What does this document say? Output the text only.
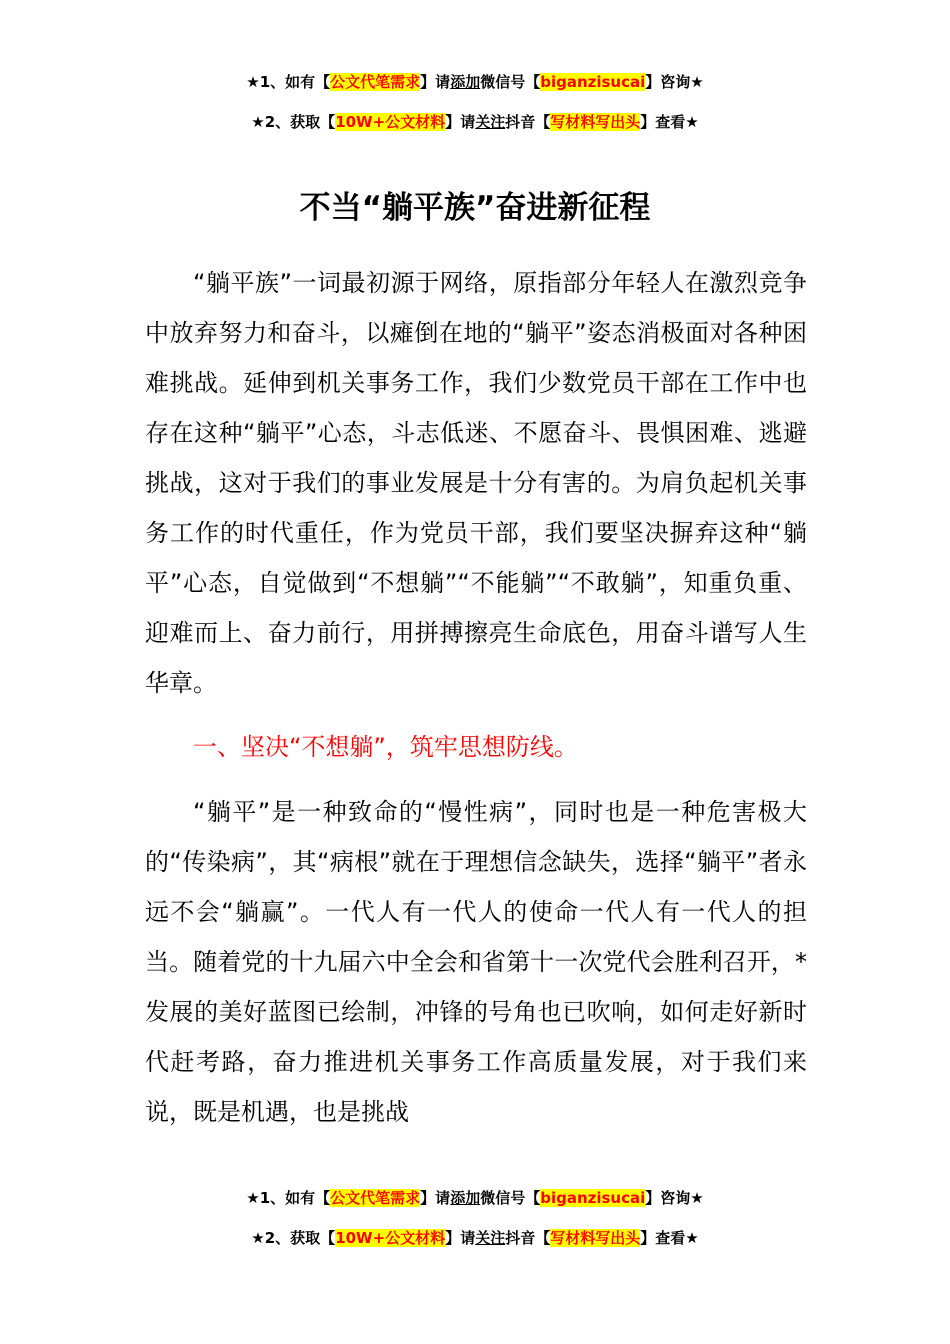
★1、如有【公文代笔需求】请添加微信号【biganzisucai】咨询★
★2、获取【10W+公文材料】请关注抖音【写材料写出头】查看★
不当“躺平族”奋进新征程

“躺平族”一词最初源于网络，原指部分年轻人在激烈竞争中放弃努力和奋斗，以瘫倒在地的“躺平”姿态消极面对各种困难挑战。延伸到机关事务工作，我们少数党员干部在工作中也存在这种“躺平”心态，斗志低迷、不愿奋斗、畏惧困难、逃避挑战，这对于我们的事业发展是十分有害的。为肩负起机关事务工作的时代重任，作为党员干部，我们要坚决摒弃这种“躺平”心态，自觉做到“不想躺”“不能躺”“不敢躺”，知重负重、迎难而上、奋力前行，用拼搏擦亮生命底色，用奋斗谱写人生华章。

一、坚决“不想躺”，筑牢思想防线。

“躺平”是一种致命的“慢性病”，同时也是一种危害极大的“传染病”，其“病根”就在于理想信念缺失，选择“躺平”者永远不会“躺赢”。一代人有一代人的使命一代人有一代人的担当。随着党的十九届六中全会和省第十一次党代会胜利召开，*发展的美好蓝图已绘制，冲锋的号角也已吹响，如何走好新时代赶考路，奋力推进机关事务工作高质量发展，对于我们来说，既是机遇，也是挑战

★1、如有【公文代笔需求】请添加微信号【biganzisucai】咨询★
★2、获取【10W+公文材料】请关注抖音【写材料写出头】查看★
